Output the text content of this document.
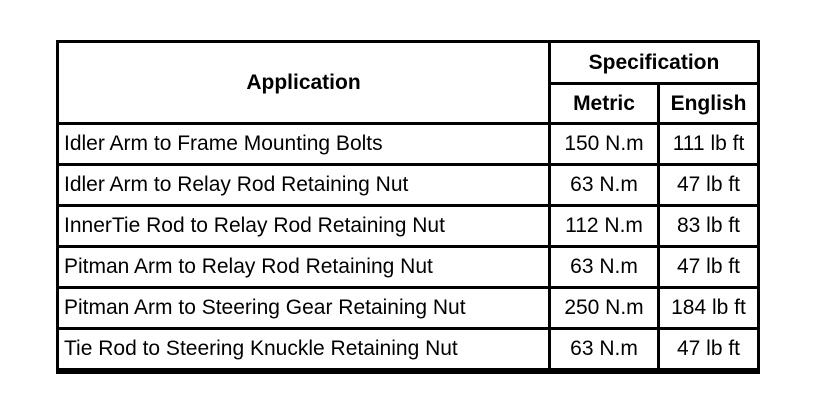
Application
Specification
Metric	English
Idler Arm to Frame Mounting Bolts	150 N.m	111 lb ft
Idler Arm to Relay Rod Retaining Nut	63 N.m	47 lb ft
InnerTie Rod to Relay Rod Retaining Nut	112 N.m	83 lb ft
Pitman Arm to Relay Rod Retaining Nut	63 N.m	47 lb ft
Pitman Arm to Steering Gear Retaining Nut	250 N.m	184 lb ft
Tie Rod to Steering Knuckle Retaining Nut	63 N.m	47 lb ft
